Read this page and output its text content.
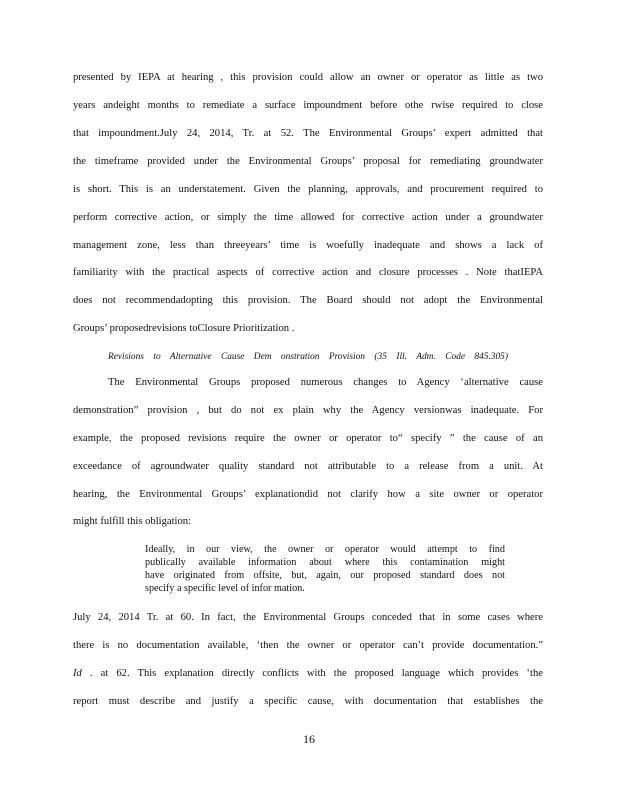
presented by IEPA at hearing , this provision could allow an owner or operator as little as two
years andeight months to remediate a surface impoundment before othe rwise required to close
that impoundment.July 24, 2014, Tr. at 52. The Environmental Groups’ expert admitted that
the timeframe provided under the Environmental Groups’ proposal for remediating groundwater
is short. This is an understatement. Given the planning, approvals, and procurement required to
perform corrective action, or simply the time allowed for corrective action under a groundwater
management zone, less than threeyears’ time is woefully inadequate and shows a lack of
familiarity with the practical aspects of corrective action and closure processes . Note thatIEPA
does not recommendadopting this provision. The Board should not adopt the Environmental
Groups’ proposedrevisions toClosure Prioritization .
Revisions to Alternative Cause Dem onstration Provision (35 Ill. Adm. Code 845.305)
The Environmental Groups proposed numerous changes to Agency ‘alternative cause
demonstration” provision , but do not ex plain why the Agency versionwas inadequate. For
example, the proposed revisions require the owner or operator to“ specify ” the cause of an
exceedance of agroundwater quality standard not attributable to a release from a unit. At
hearing, the Environmental Groups’ explanationdid not clarify how a site owner or operator
might fulfill this obligation:
Ideally, in our view, the owner or operator would attempt to find
publically available information about where this contamination might
have originated from offsite, but, again, our proposed standard does not
specify a specific level of infor mation.
July 24, 2014 Tr. at 60. In fact, the Environmental Groups conceded that in some cases where
there is no documentation available, ‘then the owner or operator can’t provide documentation.”
Id . at 62. This explanation directly conflicts with the proposed language which provides ‘the
report must describe and justify a specific cause, with documentation that establishes the
16
